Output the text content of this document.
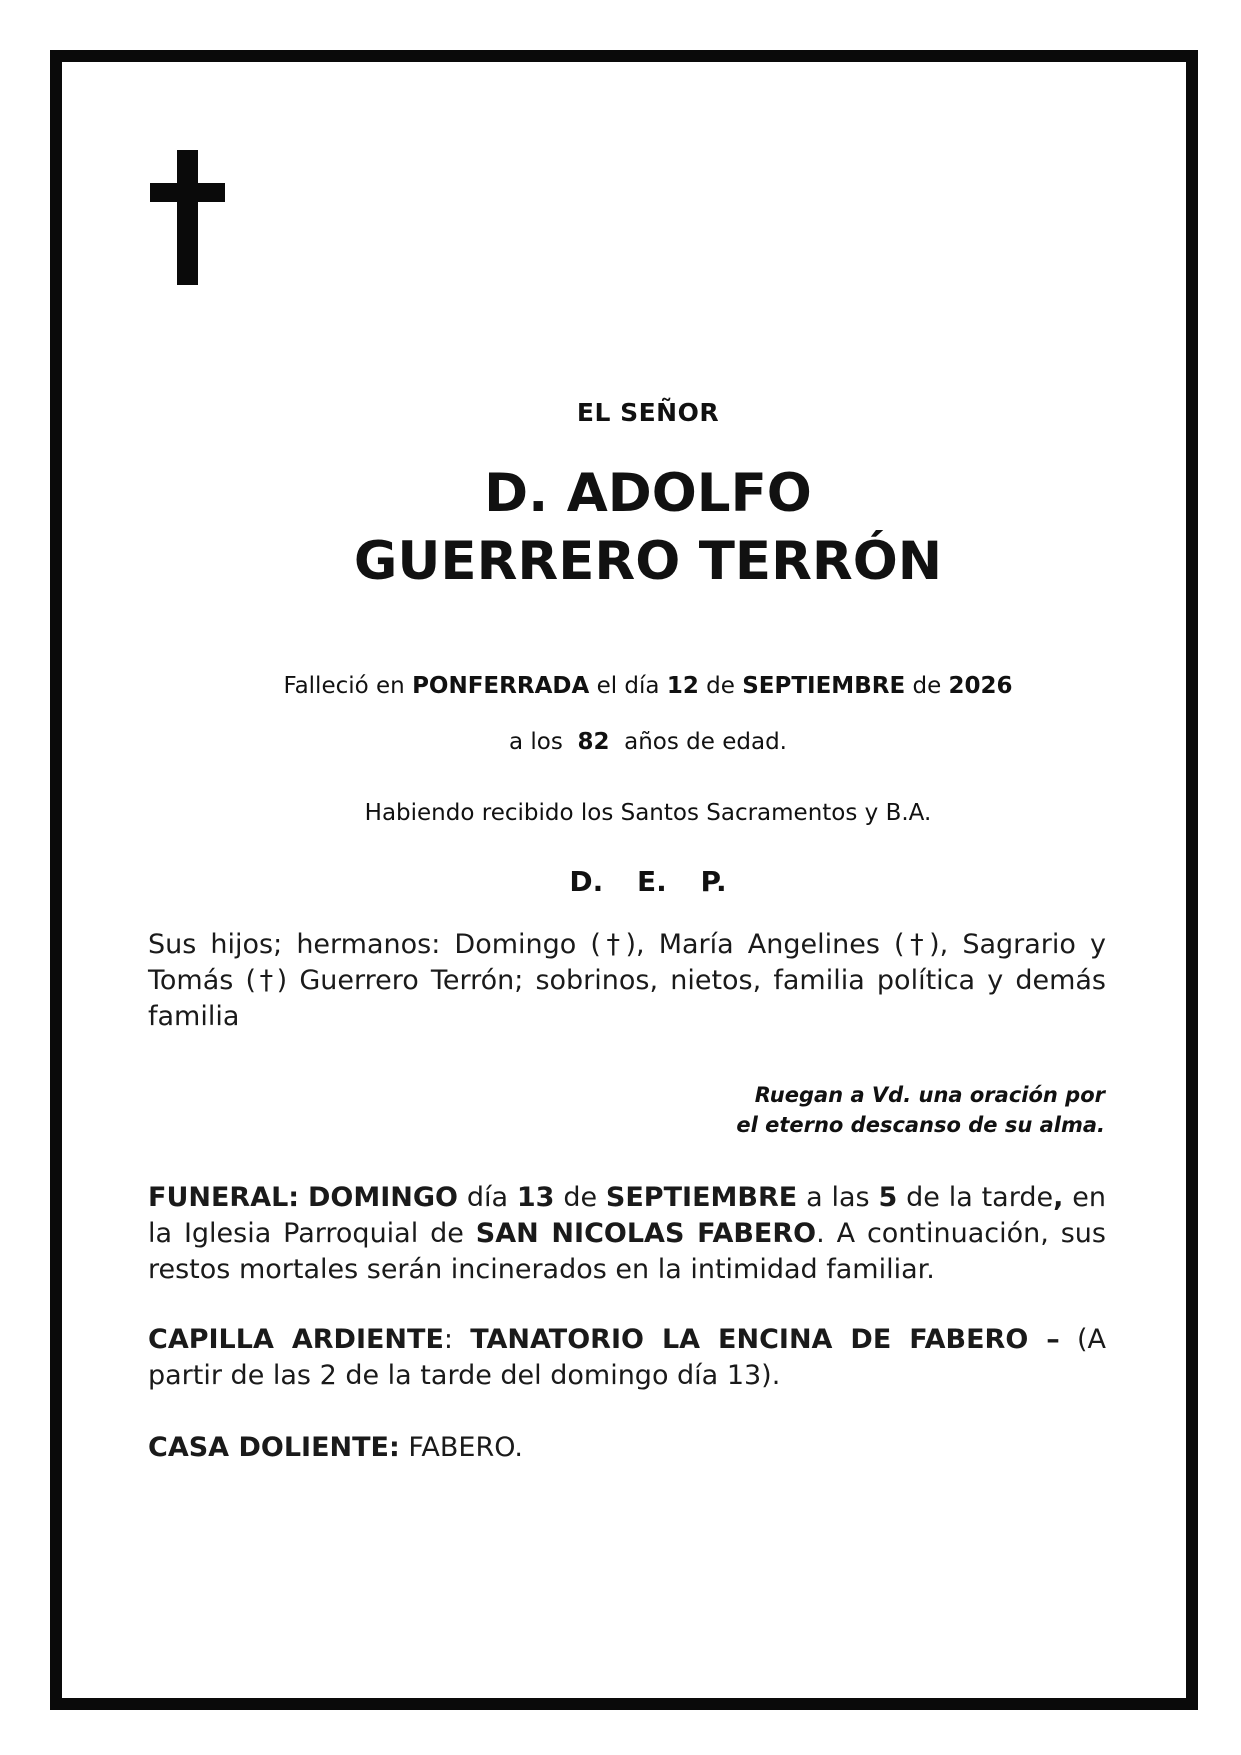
EL SEÑOR
D. ADOLFO
GUERRERO TERRÓN
Falleció en PONFERRADA el día 12 de SEPTIEMBRE de 2026
a los 82 años de edad.
Habiendo recibido los Santos Sacramentos y B.A.
D. E. P.
Sus hijos; hermanos: Domingo (†), María Angelines (†), Sagrario y Tomás (†) Guerrero Terrón; sobrinos, nietos, familia política y demás familia
Ruegan a Vd. una oración por
el eterno descanso de su alma.
FUNERAL: DOMINGO día 13 de SEPTIEMBRE a las 5 de la tarde, en la Iglesia Parroquial de SAN NICOLAS FABERO. A continuación, sus restos mortales serán incinerados en la intimidad familiar.
CAPILLA ARDIENTE: TANATORIO LA ENCINA DE FABERO – (A partir de las 2 de la tarde del domingo día 13).
CASA DOLIENTE: FABERO.
